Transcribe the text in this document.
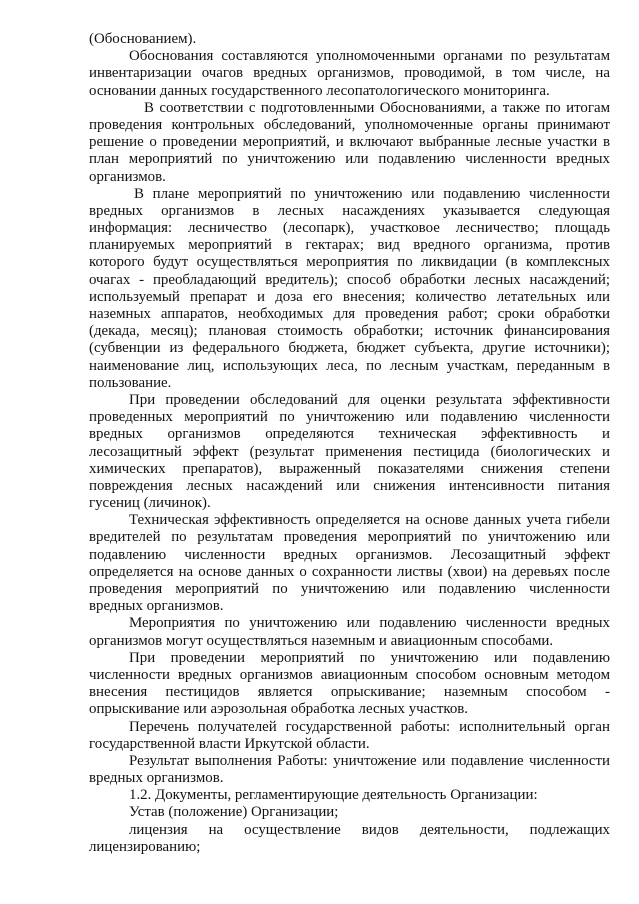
(Обоснованием).
Обоснования составляются уполномоченными органами по результатам
инвентаризации очагов вредных организмов, проводимой, в том числе, на
основании данных государственного лесопатологического мониторинга.
В соответствии с подготовленными Обоснованиями, а также по итогам
проведения контрольных обследований, уполномоченные органы принимают
решение о проведении мероприятий, и включают выбранные лесные участки в
план мероприятий по уничтожению или подавлению численности вредных
организмов.
В плане мероприятий по уничтожению или подавлению численности
вредных организмов в лесных насаждениях указывается следующая
информация: лесничество (лесопарк), участковое лесничество; площадь
планируемых мероприятий в гектарах; вид вредного организма, против
которого будут осуществляться мероприятия по ликвидации (в комплексных
очагах - преобладающий вредитель); способ обработки лесных насаждений;
используемый препарат и доза его внесения; количество летательных или
наземных аппаратов, необходимых для проведения работ; сроки обработки
(декада, месяц); плановая стоимость обработки; источник финансирования
(субвенции из федерального бюджета, бюджет субъекта, другие источники);
наименование лиц, использующих леса, по лесным участкам, переданным в
пользование.
При проведении обследований для оценки результата эффективности
проведенных мероприятий по уничтожению или подавлению численности
вредных организмов определяются техническая эффективность и
лесозащитный эффект (результат применения пестицида (биологических и
химических препаратов), выраженный показателями снижения степени
повреждения лесных насаждений или снижения интенсивности питания
гусениц (личинок).
Техническая эффективность определяется на основе данных учета гибели
вредителей по результатам проведения мероприятий по уничтожению или
подавлению численности вредных организмов. Лесозащитный эффект
определяется на основе данных о сохранности листвы (хвои) на деревьях после
проведения мероприятий по уничтожению или подавлению численности
вредных организмов.
Мероприятия по уничтожению или подавлению численности вредных
организмов могут осуществляться наземным и авиационным способами.
При проведении мероприятий по уничтожению или подавлению
численности вредных организмов авиационным способом основным методом
внесения пестицидов является опрыскивание; наземным способом -
опрыскивание или аэрозольная обработка лесных участков.
Перечень получателей государственной работы: исполнительный орган
государственной власти Иркутской области.
Результат выполнения Работы: уничтожение или подавление численности
вредных организмов.
1.2. Документы, регламентирующие деятельность Организации:
Устав (положение) Организации;
лицензия на осуществление видов деятельности, подлежащих
лицензированию;
